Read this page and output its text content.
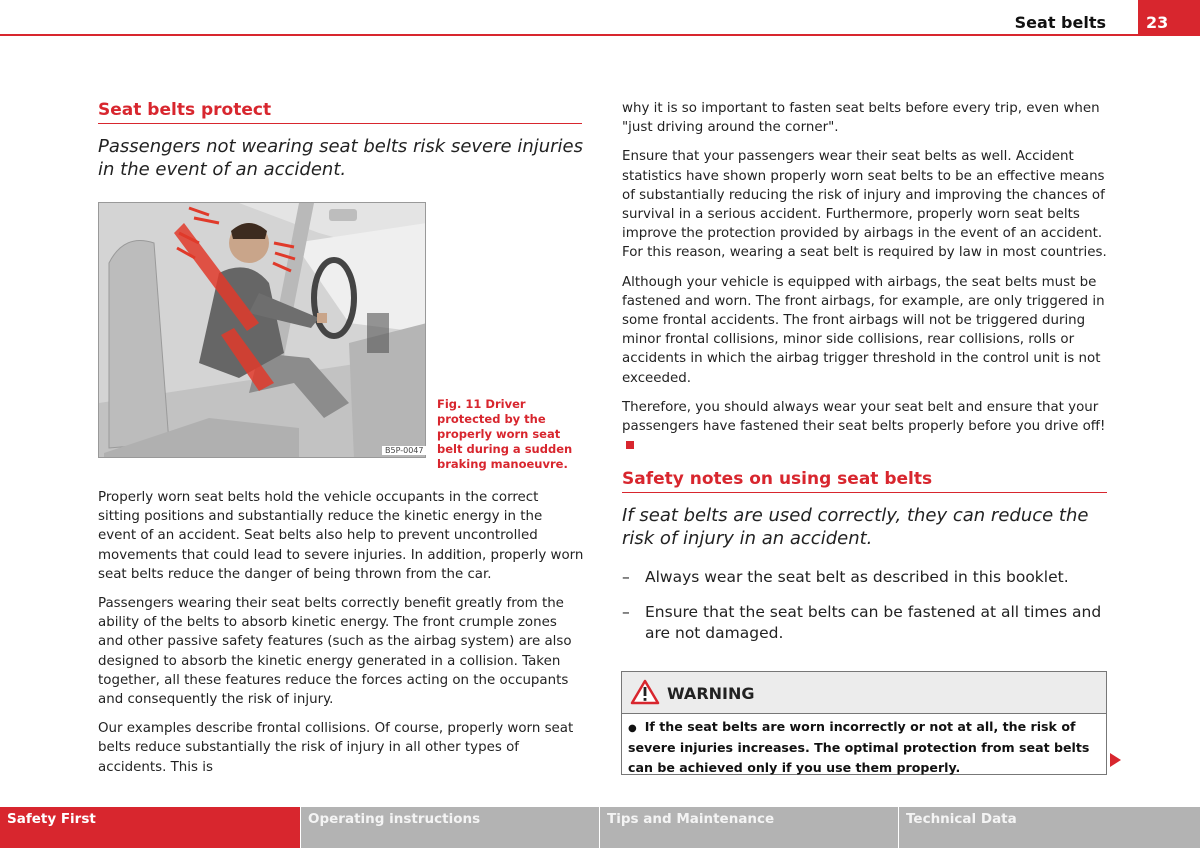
Seat belts	23
Seat belts protect
Passengers not wearing seat belts risk severe injuries in the event of an accident.
B5P-0047
Fig. 11 Driver protected by the properly worn seat belt during a sudden braking manoeuvre.

Properly worn seat belts hold the vehicle occupants in the correct sitting positions and substantially reduce the kinetic energy in the event of an accident. Seat belts also help to prevent uncontrolled movements that could lead to severe injuries. In addition, properly worn seat belts reduce the danger of being thrown from the car.

Passengers wearing their seat belts correctly benefit greatly from the ability of the belts to absorb kinetic energy. The front crumple zones and other passive safety features (such as the airbag system) are also designed to absorb the kinetic energy generated in a collision. Taken together, all these features reduce the forces acting on the occupants and consequently the risk of injury.

Our examples describe frontal collisions. Of course, properly worn seat belts reduce substantially the risk of injury in all other types of accidents. This is

why it is so important to fasten seat belts before every trip, even when "just driving around the corner".

Ensure that your passengers wear their seat belts as well. Accident statistics have shown properly worn seat belts to be an effective means of substantially reducing the risk of injury and improving the chances of survival in a serious accident. Furthermore, properly worn seat belts improve the protection provided by airbags in the event of an accident. For this reason, wearing a seat belt is required by law in most countries.

Although your vehicle is equipped with airbags, the seat belts must be fastened and worn. The front airbags, for example, are only triggered in some frontal accidents. The front airbags will not be triggered during minor frontal collisions, minor side collisions, rear collisions, rolls or accidents in which the airbag trigger threshold in the control unit is not exceeded.

Therefore, you should always wear your seat belt and ensure that your passengers have fastened their seat belts properly before you drive off!

Safety notes on using seat belts
If seat belts are used correctly, they can reduce the risk of injury in an accident.
– Always wear the seat belt as described in this booklet.
– Ensure that the seat belts can be fastened at all times and are not damaged.
WARNING
● If the seat belts are worn incorrectly or not at all, the risk of severe injuries increases. The optimal protection from seat belts can be achieved only if you use them properly.
Safety First	Operating instructions	Tips and Maintenance	Technical Data
